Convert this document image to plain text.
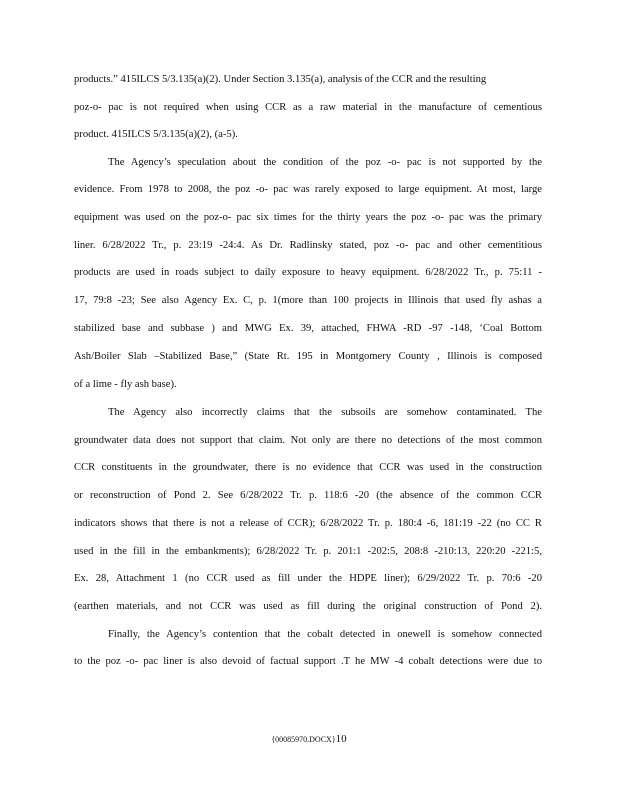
products.” 415ILCS 5/3.135(a)(2). Under Section 3.135(a), analysis of the CCR and the resulting
poz-o- pac is not required when using CCR as a raw material in the manufacture of cementious
product. 415ILCS 5/3.135(a)(2), (a-5).
The Agency’s speculation about the condition of the poz -o- pac is not supported by the
evidence. From 1978 to 2008, the poz -o- pac was rarely exposed to large equipment. At most, large
equipment was used on the poz-o- pac six times for the thirty years the poz -o- pac was the primary
liner. 6/28/2022 Tr., p. 23:19 -24:4. As Dr. Radlinsky stated, poz -o- pac and other cementitious
products are used in roads subject to daily exposure to heavy equipment. 6/28/2022 Tr., p. 75:11 -
17, 79:8 -23; See also Agency Ex. C, p. 1(more than 100 projects in Illinois that used fly ashas a
stabilized base and subbase ) and MWG Ex. 39, attached, FHWA -RD -97 -148, ‘Coal Bottom
Ash/Boiler Slab –Stabilized Base,” (State Rt. 195 in Montgomery County , Illinois is composed
of a lime - fly ash base).
The Agency also incorrectly claims that the subsoils are somehow contaminated. The
groundwater data does not support that claim. Not only are there no detections of the most common
CCR constituents in the groundwater, there is no evidence that CCR was used in the construction
or reconstruction of Pond 2. See 6/28/2022 Tr. p. 118:6 -20 (the absence of the common CCR
indicators shows that there is not a release of CCR); 6/28/2022 Tr. p. 180:4 -6, 181:19 -22 (no CC R
used in the fill in the embankments); 6/28/2022 Tr. p. 201:1 -202:5, 208:8 -210:13, 220:20 -221:5,
Ex. 28, Attachment 1 (no CCR used as fill under the HDPE liner); 6/29/2022 Tr. p. 70:6 -20
(earthen materials, and not CCR was used as fill during the original construction of Pond 2).
Finally, the Agency’s contention that the cobalt detected in onewell is somehow connected
to the poz -o- pac liner is also devoid of factual support .T he MW -4 cobalt detections were due to
{00085970.DOCX}10
